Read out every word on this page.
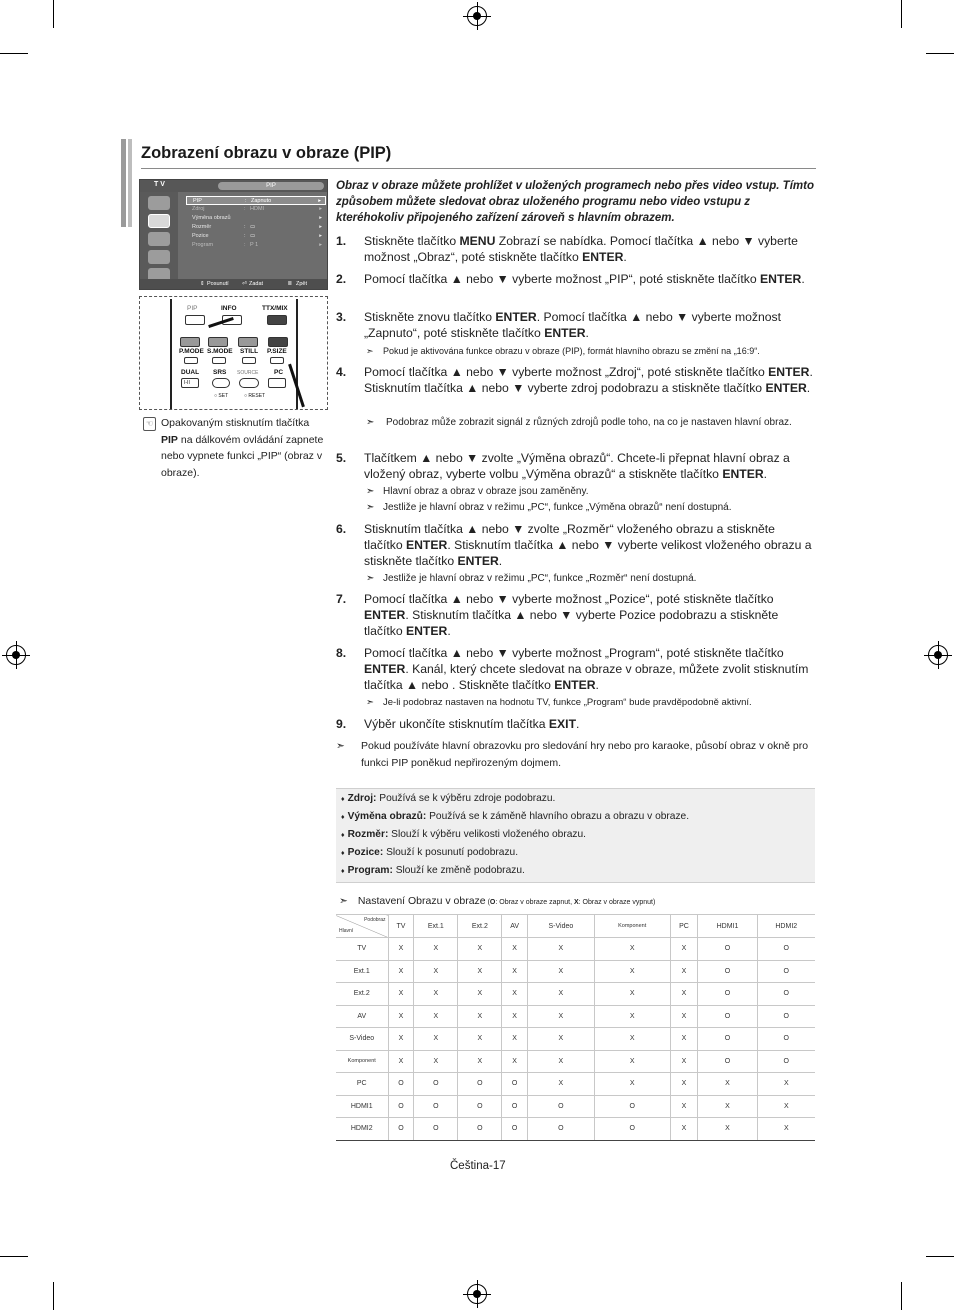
Zobrazení obrazu v obraze (PIP)
T V	PIP
PIP	: Zapnuto	▸
Zdroj	: HDMI	▸
Výměna obrazů	▸
Rozměr	: ▭	▸
Pozice	: ▭	▸
Program	: P 1	▸
⇕ Posunutí ⏎ Zadat	Ⅲ Zpět
PIP	INFO	TTX/MIX
P.MODE S.MODE STILL P.SIZE
DUAL SRS SOURCE PC
I-II
○ SET	○ RESET
☜ Opakovaným stisknutím tlačítka PIP na dálkovém ovládání zapnete nebo vypnete funkci „PIP“ (obraz v obraze).
Obraz v obraze můžete prohlížet v uložených programech nebo přes video vstup. Tímto způsobem můžete sledovat obraz uloženého programu nebo video vstupu z kteréhokoliv připojeného zařízení zároveň s hlavním obrazem.
1. Stiskněte tlačítko MENU Zobrazí se nabídka. Pomocí tlačítka ▲ nebo ▼ vyberte možnost „Obraz“, poté stiskněte tlačítko ENTER.
2. Pomocí tlačítka ▲ nebo ▼ vyberte možnost „PIP“, poté stiskněte tlačítko ENTER.
3. Stiskněte znovu tlačítko ENTER. Pomocí tlačítka ▲ nebo ▼ vyberte možnost „Zapnuto“, poté stiskněte tlačítko ENTER.
➣ Pokud je aktivována funkce obrazu v obraze (PIP), formát hlavního obrazu se změní na „16:9“.
4. Pomocí tlačítka ▲ nebo ▼ vyberte možnost „Zdroj“, poté stiskněte tlačítko ENTER. Stisknutím tlačítka ▲ nebo ▼ vyberte zdroj podobrazu a stiskněte tlačítko ENTER.
➣ Podobraz může zobrazit signál z různých zdrojů podle toho, na co je nastaven hlavní obraz.
5. Tlačítkem ▲ nebo ▼ zvolte „Výměna obrazů“. Chcete-li přepnat hlavní obraz a vložený obraz, vyberte volbu „Výměna obrazů“ a stiskněte tlačítko ENTER.
➣ Hlavní obraz a obraz v obraze jsou zaměněny.
➣ Jestliže je hlavní obraz v režimu „PC“, funkce „Výměna obrazů“ není dostupná.
6. Stisknutím tlačítka ▲ nebo ▼ zvolte „Rozměr“ vloženého obrazu a stiskněte tlačítko ENTER. Stisknutím tlačítka ▲ nebo ▼ vyberte velikost vloženého obrazu a stiskněte tlačítko ENTER.
➣ Jestliže je hlavní obraz v režimu „PC“, funkce „Rozměr“ není dostupná.
7. Pomocí tlačítka ▲ nebo ▼ vyberte možnost „Pozice“, poté stiskněte tlačítko ENTER. Stisknutím tlačítka ▲ nebo ▼ vyberte Pozice podobrazu a stiskněte tlačítko ENTER.
8. Pomocí tlačítka ▲ nebo ▼ vyberte možnost „Program“, poté stiskněte tlačítko ENTER. Kanál, který chcete sledovat na obraze v obraze, můžete zvolit stisknutím tlačítka ▲ nebo . Stiskněte tlačítko ENTER.
➣ Je-li podobraz nastaven na hodnotu TV, funkce „Program“ bude pravděpodobně aktivní.
9. Výběr ukončíte stisknutím tlačítka EXIT.
➣ Pokud používáte hlavní obrazovku pro sledování hry nebo pro karaoke, působí obraz v okně pro funkci PIP poněkud nepřirozeným dojmem.
♦ Zdroj: Používá se k výběru zdroje podobrazu.
♦ Výměna obrazů: Používá se k záměně hlavního obrazu a obrazu v obraze.
♦ Rozměr: Slouží k výběru velikosti vloženého obrazu.
♦ Pozice: Slouží k posunutí podobrazu.
♦ Program: Slouží ke změně podobrazu.
➣ Nastavení Obrazu v obraze (O: Obraz v obraze zapnut, X: Obraz v obraze vypnut)
Podobraz
Hlavní	TV	Ext.1	Ext.2	AV	S-Video	Komponent	PC	HDMI1	HDMI2
TV	X	X	X	X	X	X	X	O	O
Ext.1	X	X	X	X	X	X	X	O	O
Ext.2	X	X	X	X	X	X	X	O	O
AV	X	X	X	X	X	X	X	O	O
S-Video	X	X	X	X	X	X	X	O	O
Komponent	X	X	X	X	X	X	X	O	O
PC	O	O	O	O	X	X	X	X	X
HDMI1	O	O	O	O	O	O	X	X	X
HDMI2	O	O	O	O	O	O	X	X	X
Čeština-17
